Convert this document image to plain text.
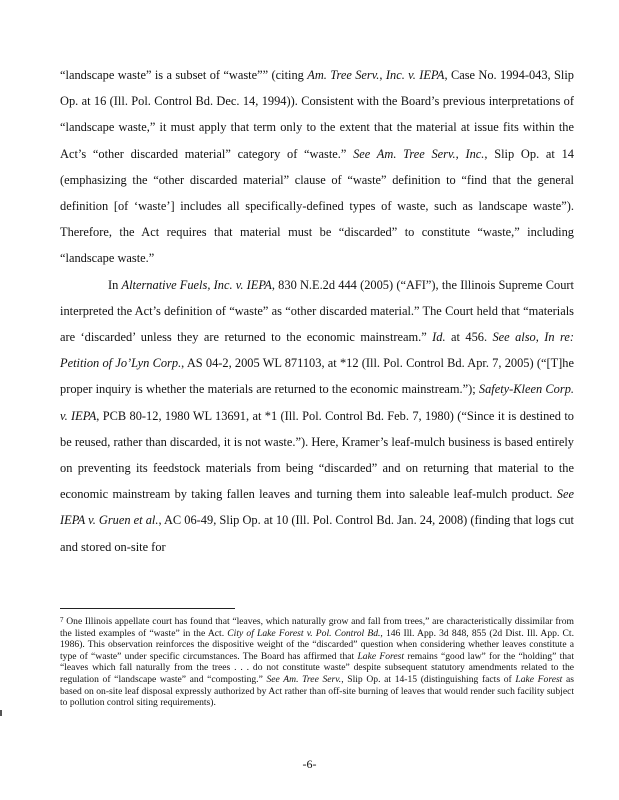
“landscape waste” is a subset of “waste”” (citing Am. Tree Serv., Inc. v. IEPA, Case No. 1994-043, Slip Op. at 16 (Ill. Pol. Control Bd. Dec. 14, 1994)). Consistent with the Board’s previous interpretations of “landscape waste,” it must apply that term only to the extent that the material at issue fits within the Act’s “other discarded material” category of “waste.” See Am. Tree Serv., Inc., Slip Op. at 14 (emphasizing the “other discarded material” clause of “waste” definition to “find that the general definition [of ‘waste’] includes all specifically-defined types of waste, such as landscape waste”). Therefore, the Act requires that material must be “discarded” to constitute “waste,” including “landscape waste.”

In Alternative Fuels, Inc. v. IEPA, 830 N.E.2d 444 (2005) (“AFI”), the Illinois Supreme Court interpreted the Act’s definition of “waste” as “other discarded material.” The Court held that “materials are ‘discarded’ unless they are returned to the economic mainstream.” Id. at 456. See also, In re: Petition of Jo’Lyn Corp., AS 04-2, 2005 WL 871103, at *12 (Ill. Pol. Control Bd. Apr. 7, 2005) (“[T]he proper inquiry is whether the materials are returned to the economic mainstream.”); Safety-Kleen Corp. v. IEPA, PCB 80-12, 1980 WL 13691, at *1 (Ill. Pol. Control Bd. Feb. 7, 1980) (“Since it is destined to be reused, rather than discarded, it is not waste.”). Here, Kramer’s leaf-mulch business is based entirely on preventing its feedstock materials from being “discarded” and on returning that material to the economic mainstream by taking fallen leaves and turning them into saleable leaf-mulch product. See IEPA v. Gruen et al., AC 06-49, Slip Op. at 10 (Ill. Pol. Control Bd. Jan. 24, 2008) (finding that logs cut and stored on-site for

$^7$ One Illinois appellate court has found that “leaves, which naturally grow and fall from trees,” are characteristically dissimilar from the listed examples of “waste” in the Act. City of Lake Forest v. Pol. Control Bd., 146 Ill. App. 3d 848, 855 (2d Dist. Ill. App. Ct. 1986). This observation reinforces the dispositive weight of the “discarded” question when considering whether leaves constitute a type of “waste” under specific circumstances. The Board has affirmed that Lake Forest remains “good law” for the “holding” that “leaves which fall naturally from the trees . . . do not constitute waste” despite subsequent statutory amendments related to the regulation of “landscape waste” and “composting.” See Am. Tree Serv., Slip Op. at 14-15 (distinguishing facts of Lake Forest as based on on-site leaf disposal expressly authorized by Act rather than off-site burning of leaves that would render such facility subject to pollution control siting requirements).

-6-
